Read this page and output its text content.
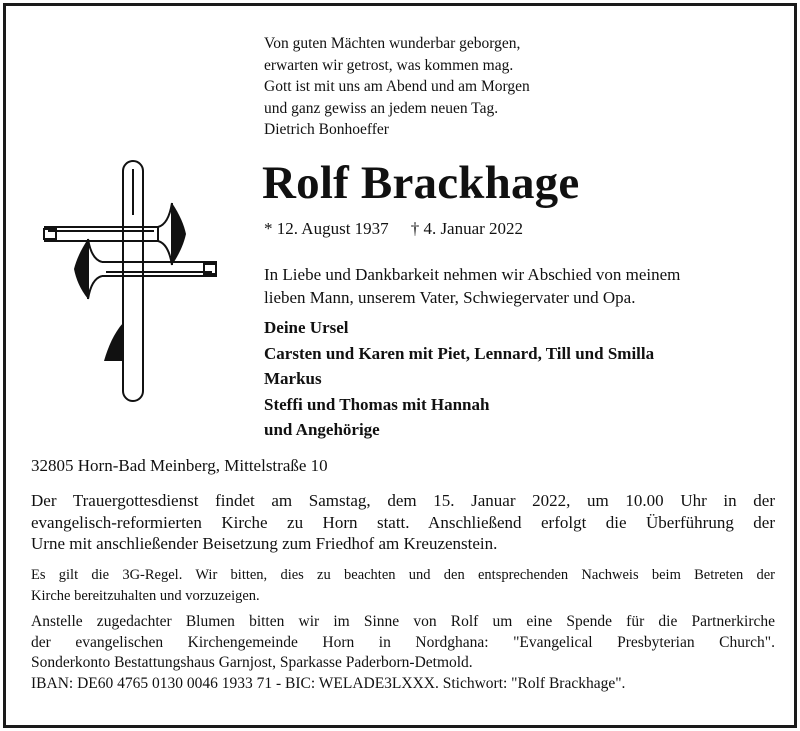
Von guten Mächten wunderbar geborgen,
erwarten wir getrost, was kommen mag.
Gott ist mit uns am Abend und am Morgen
und ganz gewiss an jedem neuen Tag.
Dietrich Bonhoeffer
Rolf Brackhage
* 12. August 1937 † 4. Januar 2022
In Liebe und Dankbarkeit nehmen wir Abschied von meinem
lieben Mann, unserem Vater, Schwiegervater und Opa.
Deine Ursel
Carsten und Karen mit Piet, Lennard, Till und Smilla
Markus
Steffi und Thomas mit Hannah
und Angehörige
32805 Horn-Bad Meinberg, Mittelstraße 10
Der Trauergottesdienst findet am Samstag, dem 15. Januar 2022, um 10.00 Uhr in der
evangelisch-reformierten Kirche zu Horn statt. Anschließend erfolgt die Überführung der
Urne mit anschließender Beisetzung zum Friedhof am Kreuzenstein.
Es gilt die 3G-Regel. Wir bitten, dies zu beachten und den entsprechenden Nachweis beim Betreten der
Kirche bereitzuhalten und vorzuzeigen.
Anstelle zugedachter Blumen bitten wir im Sinne von Rolf um eine Spende für die Partnerkirche
der evangelischen Kirchengemeinde Horn in Nordghana: "Evangelical Presbyterian Church".
Sonderkonto Bestattungshaus Garnjost, Sparkasse Paderborn-Detmold.
IBAN: DE60 4765 0130 0046 1933 71 - BIC: WELADE3LXXX. Stichwort: "Rolf Brackhage".
